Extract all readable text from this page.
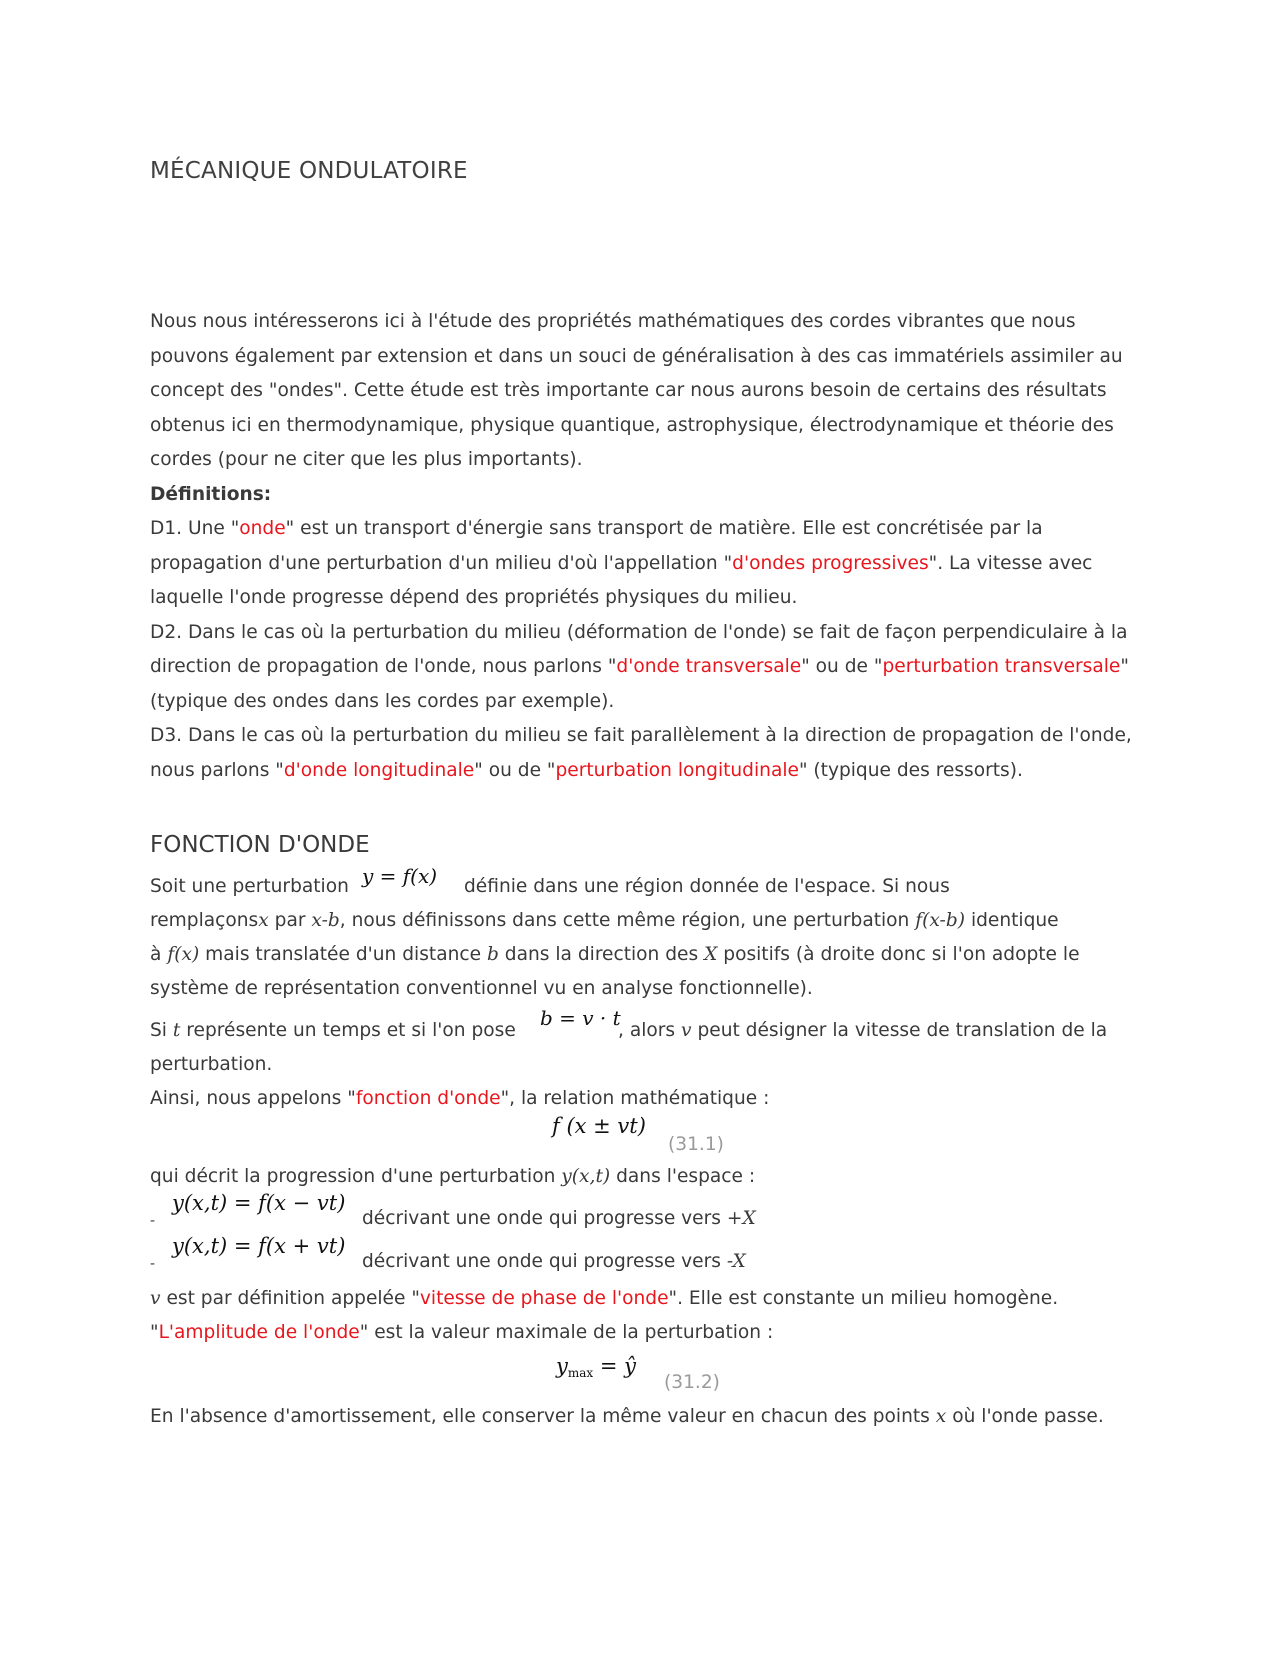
MÉCANIQUE ONDULATOIRE

Nous nous intéresserons ici à l'étude des propriétés mathématiques des cordes vibrantes que nous pouvons également par extension et dans un souci de généralisation à des cas immatériels assimiler au concept des "ondes". Cette étude est très importante car nous aurons besoin de certains des résultats obtenus ici en thermodynamique, physique quantique, astrophysique, électrodynamique et théorie des cordes (pour ne citer que les plus importants).

Définitions:

D1. Une "onde" est un transport d'énergie sans transport de matière. Elle est concrétisée par la propagation d'une perturbation d'un milieu d'où l'appellation "d'ondes progressives". La vitesse avec laquelle l'onde progresse dépend des propriétés physiques du milieu.

D2. Dans le cas où la perturbation du milieu (déformation de l'onde) se fait de façon perpendiculaire à la direction de propagation de l'onde, nous parlons "d'onde transversale" ou de "perturbation transversale" (typique des ondes dans les cordes par exemple).

D3. Dans le cas où la perturbation du milieu se fait parallèlement à la direction de propagation de l'onde, nous parlons "d'onde longitudinale" ou de "perturbation longitudinale" (typique des ressorts).

FONCTION D'ONDE
Soit une perturbation y = f(x) définie dans une région donnée de l'espace. Si nous
remplaçonsx par x-b, nous définissons dans cette même région, une perturbation f(x-b) identique
à f(x) mais translatée d'un distance b dans la direction des X positifs (à droite donc si l'on adopte le
système de représentation conventionnel vu en analyse fonctionnelle).
Si t représente un temps et si l'on pose
b = v · t
, alors v peut désigner la vitesse de translation de la
perturbation.
Ainsi, nous appelons "fonction d'onde", la relation mathématique :
f (x ± vt)
(31.1)
qui décrit la progression d'une perturbation y(x,t) dans l'espace :
-
y(x,t) = f(x − vt)
décrivant une onde qui progresse vers +X
-
y(x,t) = f(x + vt)
décrivant une onde qui progresse vers -X
v est par définition appelée "vitesse de phase de l'onde". Elle est constante un milieu homogène.
"L'amplitude de l'onde" est la valeur maximale de la perturbation :
ymax = ŷ
(31.2)
En l'absence d'amortissement, elle conserver la même valeur en chacun des points x où l'onde passe.
